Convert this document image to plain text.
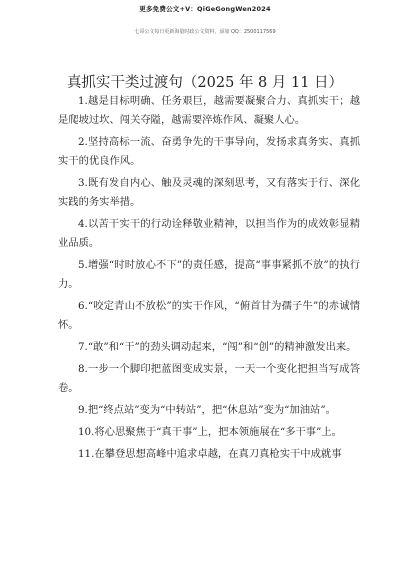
更多免费公文+V：QiGeGongWen2024
七哥公文每日更新海量时政公文资料，添加 QQ：2500117569
真抓实干类过渡句（2025 年 8 月 11 日）

1.越是目标明确、任务艰巨，越需要凝聚合力、真抓实干；越是爬坡过坎、闯关夺隘，越需要淬炼作风、凝聚人心。

2.坚持高标一流、奋勇争先的干事导向，发扬求真务实、真抓实干的优良作风。

3.既有发自内心、触及灵魂的深刻思考，又有落实于行、深化实践的务实举措。

4.以苦干实干的行动诠释敬业精神，以担当作为的成效彰显精业品质。

5.增强“时时放心不下”的责任感，提高“事事紧抓不放”的执行力。

6.“咬定青山不放松”的实干作风，“俯首甘为孺子牛”的赤诚情怀。

7.“敢”和“干”的劲头调动起来，“闯”和“创”的精神激发出来。

8.一步一个脚印把蓝图变成实景，一天一个变化把担当写成答卷。

9.把“终点站”变为“中转站”，把“休息站”变为“加油站”。

10.将心思聚焦于“真干事”上，把本领施展在“多干事”上。

11.在攀登思想高峰中追求卓越，在真刀真枪实干中成就事
